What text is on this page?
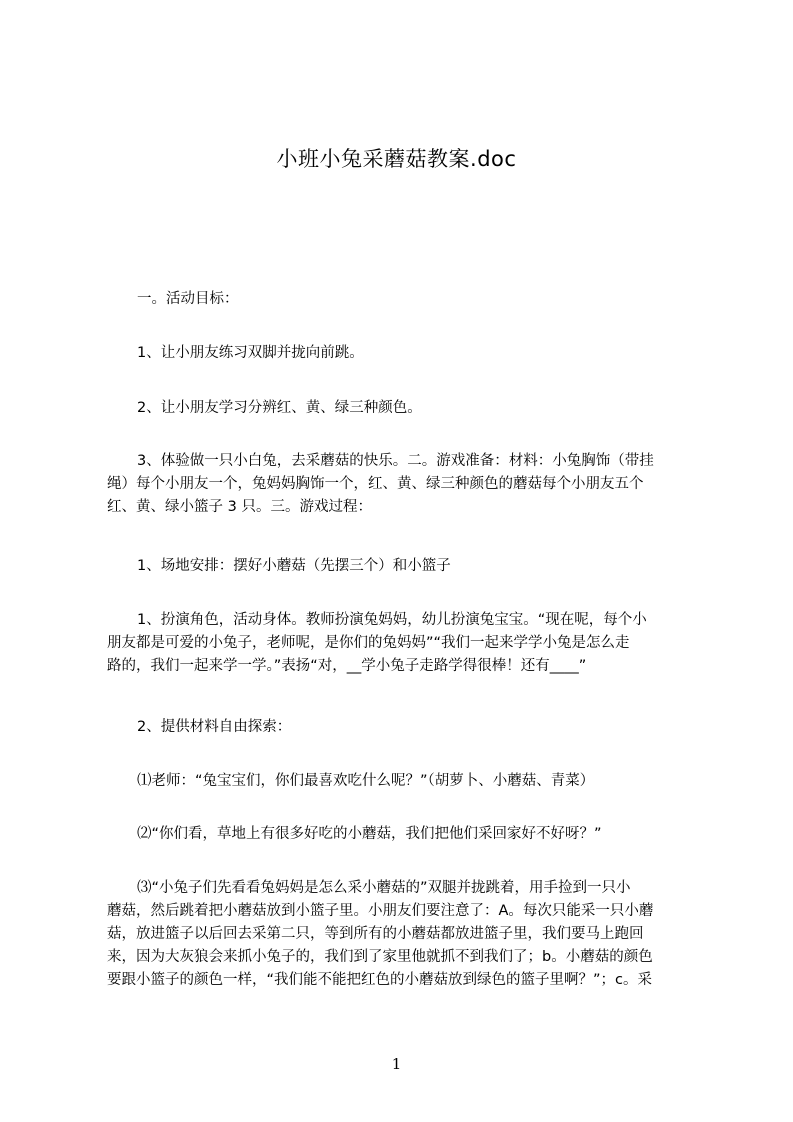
小班小兔采蘑菇教案.doc
一。活动目标：
1、让小朋友练习双脚并拢向前跳。
2、让小朋友学习分辨红、黄、绿三种颜色。
3、体验做一只小白兔，去采蘑菇的快乐。二。游戏准备：材料：小兔胸饰（带挂
绳）每个小朋友一个，兔妈妈胸饰一个，红、黄、绿三种颜色的蘑菇每个小朋友五个
红、黄、绿小篮子 3 只。三。游戏过程：
1、场地安排：摆好小蘑菇（先摆三个）和小篮子
1、扮演角色，活动身体。教师扮演兔妈妈，幼儿扮演兔宝宝。“现在呢，每个小
朋友都是可爱的小兔子，老师呢，是你们的兔妈妈”“我们一起来学学小兔是怎么走
路的，我们一起来学一学。”表扬“对，__学小兔子走路学得很棒！还有____”
2、提供材料自由探索：
⑴老师：“兔宝宝们，你们最喜欢吃什么呢？”（胡萝卜、小蘑菇、青菜）
⑵“你们看，草地上有很多好吃的小蘑菇，我们把他们采回家好不好呀？”
⑶“小兔子们先看看兔妈妈是怎么采小蘑菇的”双腿并拢跳着，用手捡到一只小
蘑菇，然后跳着把小蘑菇放到小篮子里。小朋友们要注意了：A。每次只能采一只小蘑
菇，放进篮子以后回去采第二只，等到所有的小蘑菇都放进篮子里，我们要马上跑回
来，因为大灰狼会来抓小兔子的，我们到了家里他就抓不到我们了；b。小蘑菇的颜色
要跟小篮子的颜色一样，“我们能不能把红色的小蘑菇放到绿色的篮子里啊？”；c。采
1
